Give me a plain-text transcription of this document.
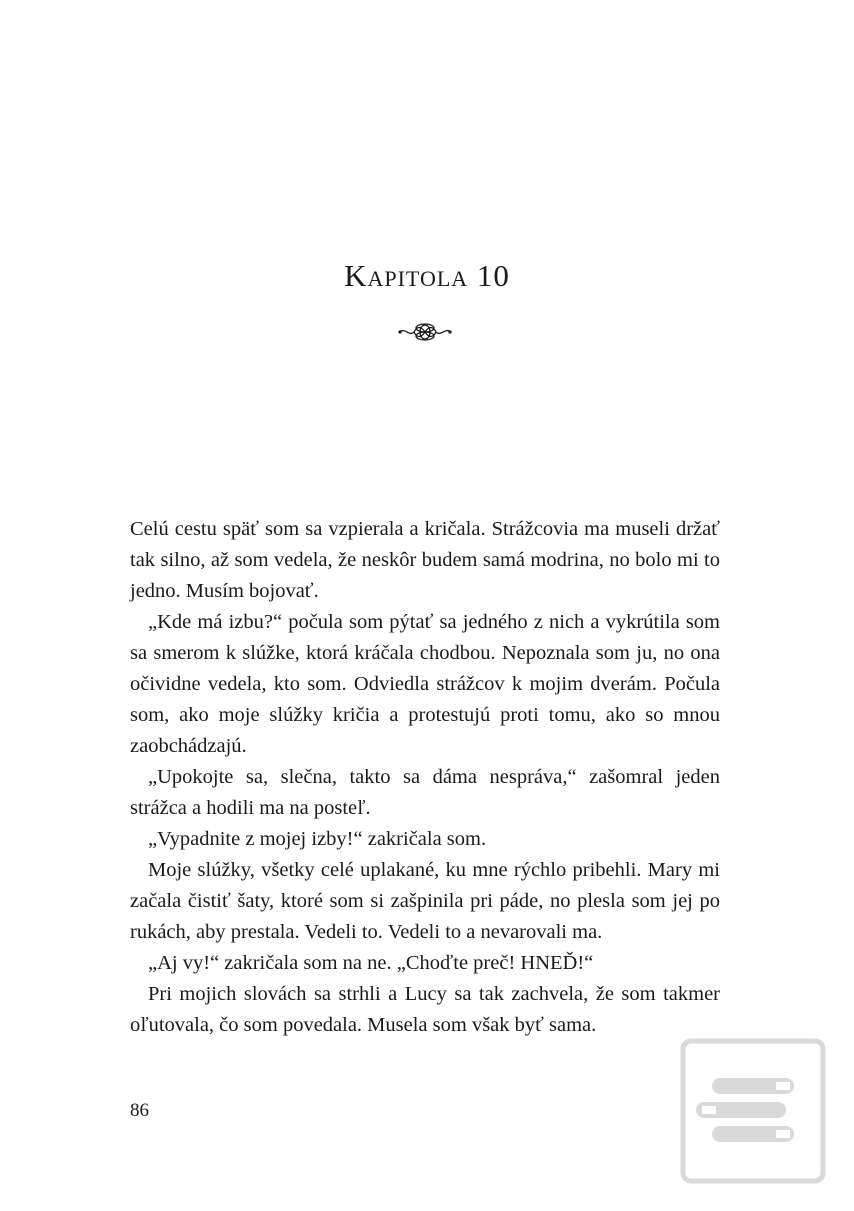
Kapitola 10

Celú cestu späť som sa vzpierala a kričala. Strážcovia ma museli držať tak silno, až som vedela, že neskôr budem samá modrina, no bolo mi to jedno. Musím bojovať.

„Kde má izbu?“ počula som pýtať sa jedného z nich a vykrútila som sa smerom k slúžke, ktorá kráčala chodbou. Nepoznala som ju, no ona očividne vedela, kto som. Odviedla strážcov k mojim dverám. Počula som, ako moje slúžky kričia a protestujú proti tomu, ako so mnou zaobchádzajú.

„Upokojte sa, slečna, takto sa dáma nespráva,“ zašomral jeden strážca a hodili ma na posteľ.

„Vypadnite z mojej izby!“ zakričala som.

Moje slúžky, všetky celé uplakané, ku mne rýchlo pribehli. Mary mi začala čistiť šaty, ktoré som si zašpinila pri páde, no plesla som jej po rukách, aby prestala. Vedeli to. Vedeli to a nevarovali ma.

„Aj vy!“ zakričala som na ne. „Choďte preč! HNEĎ!“

Pri mojich slovách sa strhli a Lucy sa tak zachvela, že som takmer oľutovala, čo som povedala. Musela som však byť sama.

86
